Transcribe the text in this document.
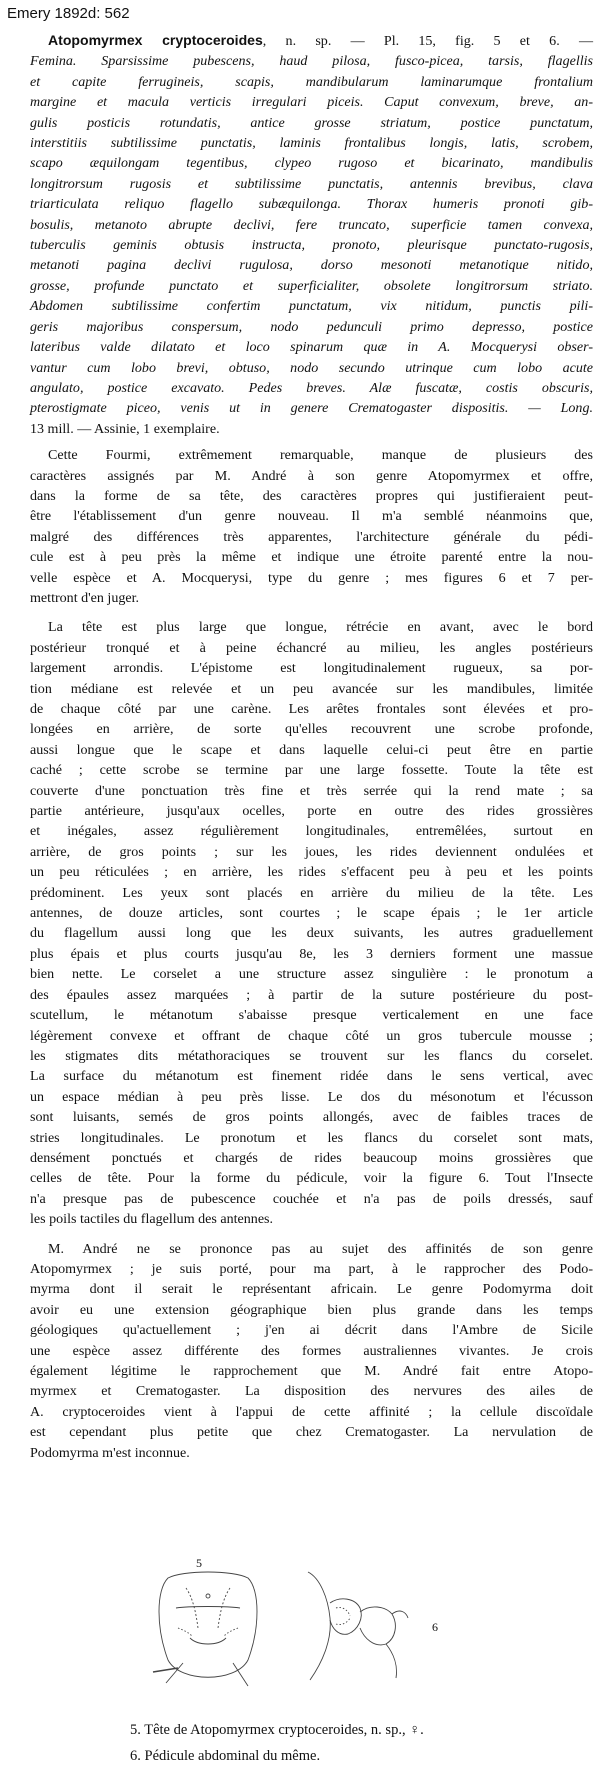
Emery 1892d: 562

Atopomyrmex cryptoceroides, n. sp. — Pl. 15, fig. 5 et 6. —
Femina. Sparsissime pubescens, haud pilosa, fusco-picea, tarsis, flagellis
et capite ferrugineis, scapis, mandibularum laminarumque frontalium
margine et macula verticis irregulari piceis. Caput convexum, breve, an-
gulis posticis rotundatis, antice grosse striatum, postice punctatum,
interstitiis subtilissime punctatis, laminis frontalibus longis, latis, scrobem,
scapo æquilongam tegentibus, clypeo rugoso et bicarinato, mandibulis
longitrorsum rugosis et subtilissime punctatis, antennis brevibus, clava
triarticulata reliquo flagello subæquilonga. Thorax humeris pronoti gib-
bosulis, metanoto abrupte declivi, fere truncato, superficie tamen convexa,
tuberculis geminis obtusis instructa, pronoto, pleurisque punctato-rugosis,
metanoti pagina declivi rugulosa, dorso mesonoti metanotique nitido,
grosse, profunde punctato et superficialiter, obsolete longitrorsum striato.
Abdomen subtilissime confertim punctatum, vix nitidum, punctis pili-
geris majoribus conspersum, nodo pedunculi primo depresso, postice
lateribus valde dilatato et loco spinarum quæ in A. Mocquerysi obser-
vantur cum lobo brevi, obtuso, nodo secundo utrinque cum lobo acute
angulato, postice excavato. Pedes breves. Alæ fuscatæ, costis obscuris,
pterostigmate piceo, venis ut in genere Crematogaster dispositis. — Long.
13 mill. — Assinie, 1 exemplaire.

Cette Fourmi, extrêmement remarquable, manque de plusieurs des
caractères assignés par M. André à son genre Atopomyrmex et offre,
dans la forme de sa tête, des caractères propres qui justifieraient peut-
être l'établissement d'un genre nouveau. Il m'a semblé néanmoins que,
malgré des différences très apparentes, l'architecture générale du pédi-
cule est à peu près la même et indique une étroite parenté entre la nou-
velle espèce et A. Mocquerysi, type du genre ; mes figures 6 et 7 per-
mettront d'en juger.

La tête est plus large que longue, rétrécie en avant, avec le bord
postérieur tronqué et à peine échancré au milieu, les angles postérieurs
largement arrondis. L'épistome est longitudinalement rugueux, sa por-
tion médiane est relevée et un peu avancée sur les mandibules, limitée
de chaque côté par une carène. Les arêtes frontales sont élevées et pro-
longées en arrière, de sorte qu'elles recouvrent une scrobe profonde,
aussi longue que le scape et dans laquelle celui-ci peut être en partie
caché ; cette scrobe se termine par une large fossette. Toute la tête est
couverte d'une ponctuation très fine et très serrée qui la rend mate ; sa
partie antérieure, jusqu'aux ocelles, porte en outre des rides grossières
et inégales, assez régulièrement longitudinales, entremêlées, surtout en
arrière, de gros points ; sur les joues, les rides deviennent ondulées et
un peu réticulées ; en arrière, les rides s'effacent peu à peu et les points
prédominent. Les yeux sont placés en arrière du milieu de la tête. Les
antennes, de douze articles, sont courtes ; le scape épais ; le 1er article
du flagellum aussi long que les deux suivants, les autres graduellement
plus épais et plus courts jusqu'au 8e, les 3 derniers forment une massue
bien nette. Le corselet a une structure assez singulière : le pronotum a
des épaules assez marquées ; à partir de la suture postérieure du post-
scutellum, le métanotum s'abaisse presque verticalement en une face
légèrement convexe et offrant de chaque côté un gros tubercule mousse ;
les stigmates dits métathoraciques se trouvent sur les flancs du corselet.
La surface du métanotum est finement ridée dans le sens vertical, avec
un espace médian à peu près lisse. Le dos du mésonotum et l'écusson
sont luisants, semés de gros points allongés, avec de faibles traces de
stries longitudinales. Le pronotum et les flancs du corselet sont mats,
densément ponctués et chargés de rides beaucoup moins grossières que
celles de tête. Pour la forme du pédicule, voir la figure 6. Tout l'Insecte
n'a presque pas de pubescence couchée et n'a pas de poils dressés, sauf
les poils tactiles du flagellum des antennes.

M. André ne se prononce pas au sujet des affinités de son genre
Atopomyrmex ; je suis porté, pour ma part, à le rapprocher des Podo-
myrma dont il serait le représentant africain. Le genre Podomyrma doit
avoir eu une extension géographique bien plus grande dans les temps
géologiques qu'actuellement ; j'en ai décrit dans l'Ambre de Sicile
une espèce assez différente des formes australiennes vivantes. Je crois
également légitime le rapprochement que M. André fait entre Atopo-
myrmex et Crematogaster. La disposition des nervures des ailes de
A. cryptoceroides vient à l'appui de cette affinité ; la cellule discoïdale
est cependant plus petite que chez Crematogaster. La nervulation de
Podomyrma m'est inconnue.

5
6
5. Tête de Atopomyrmex cryptoceroides, n. sp., ♀.
6. Pédicule abdominal du même.
